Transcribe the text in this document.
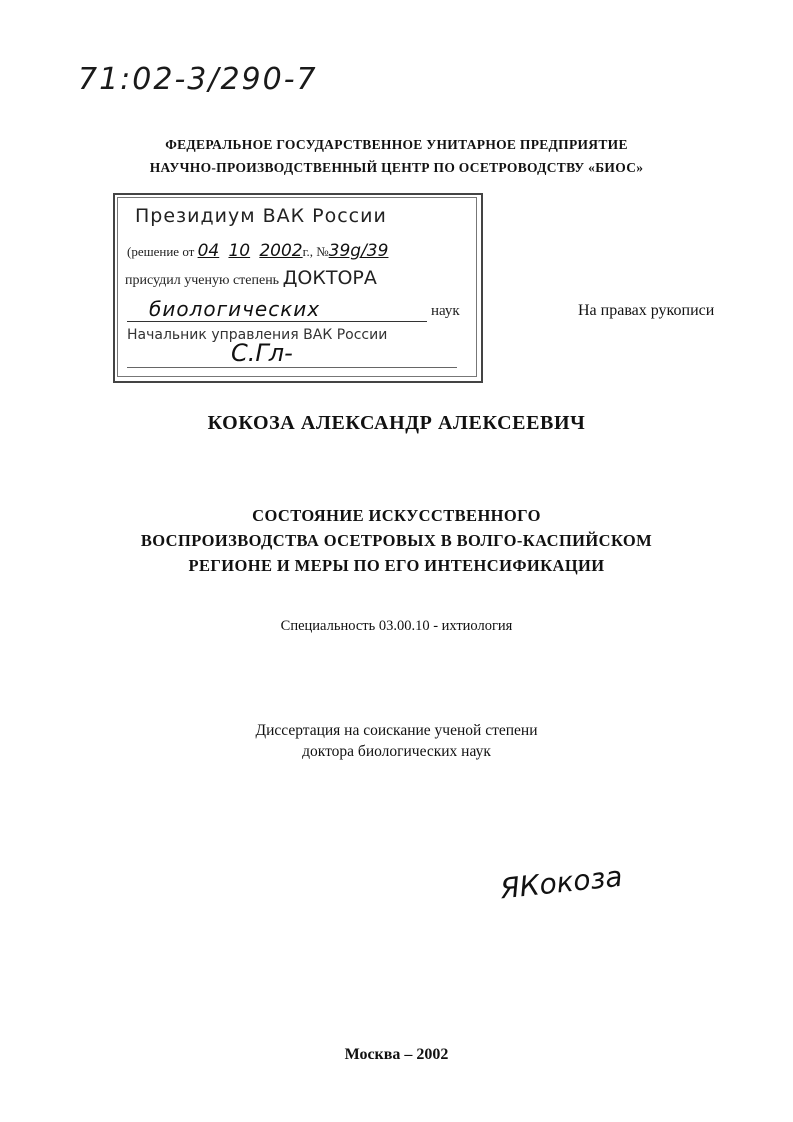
71:02-3/290-7
ФЕДЕРАЛЬНОЕ ГОСУДАРСТВЕННОЕ УНИТАРНОЕ ПРЕДПРИЯТИЕ
НАУЧНО-ПРОИЗВОДСТВЕННЫЙ ЦЕНТР ПО ОСЕТРОВОДСТВУ «БИОС»
Президиум ВАК России
(решение от 04 10 2002г., №39g/39
присудил ученую степень ДОКТОРА
биологических	наук
Начальник управления ВАК России
С.Гл-
На правах рукописи
КОКОЗА АЛЕКСАНДР АЛЕКСЕЕВИЧ
СОСТОЯНИЕ ИСКУССТВЕННОГО
ВОСПРОИЗВОДСТВА ОСЕТРОВЫХ В ВОЛГО-КАСПИЙСКОМ
РЕГИОНЕ И МЕРЫ ПО ЕГО ИНТЕНСИФИКАЦИИ
Специальность 03.00.10 - ихтиология
Диссертация на соискание ученой степени
доктора биологических наук
ЯКокоза
Москва – 2002
